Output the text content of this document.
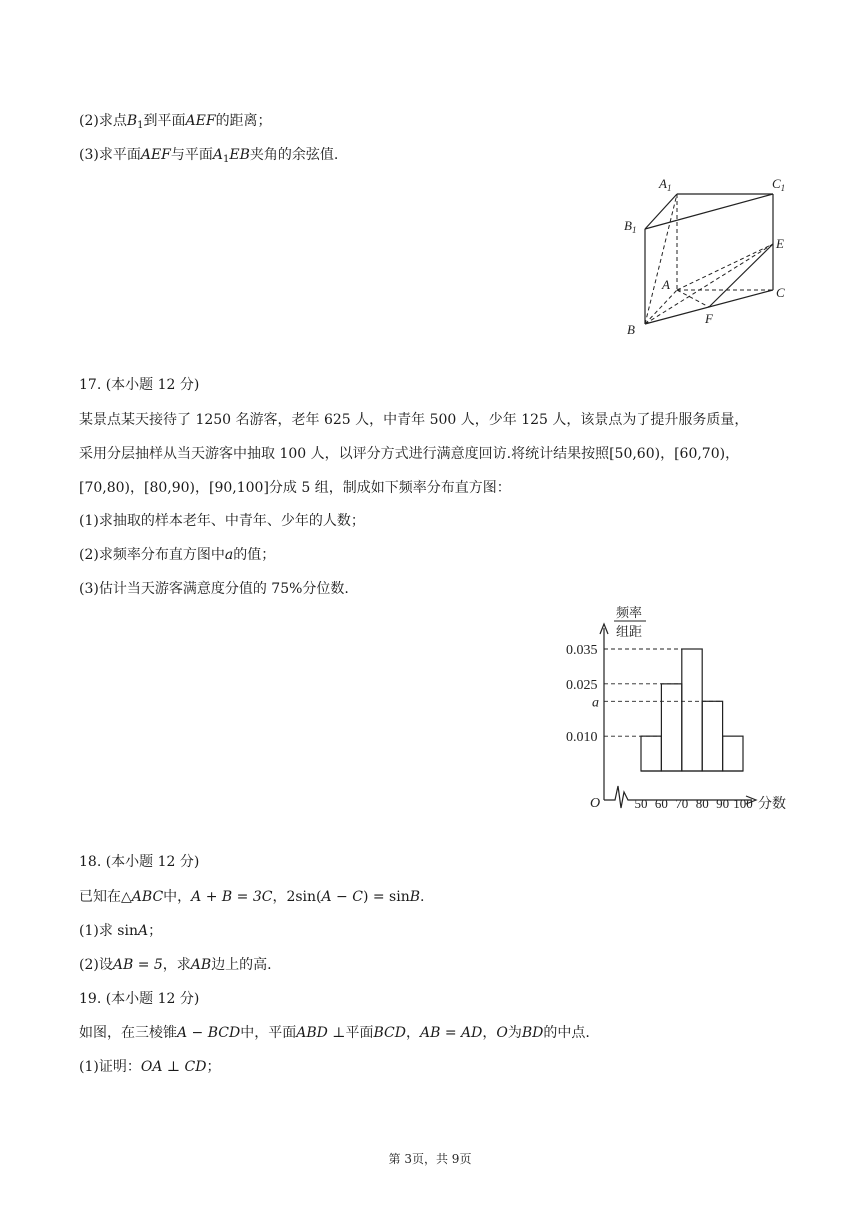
(2)求点$B_1$到平面AEF的距离；
(3)求平面AEF与平面$A_1EB$夹角的余弦值.
$A_1$	$C_1$
$B_1$
E
A
C
B
F
17. (本小题 12 分)
某景点某天接待了 1250 名游客，老年 625 人，中青年 500 人，少年 125 人，该景点为了提升服务质量，
采用分层抽样从当天游客中抽取 100 人，以评分方式进行满意度回访.将统计结果按照[50,60)，[60,70)，
[70,80)，[80,90)，[90,100]分成 5 组，制成如下频率分布直方图：
(1)求抽取的样本老年、中青年、少年的人数；
(2)求频率分布直方图中a的值；
(3)估计当天游客满意度分值的 75%分位数.
0.035
0.025
a
0.010
频率
组距
O	分数
50 60 70 80 90 100
18. (本小题 12 分)
已知在△ABC中，A + B = 3C，2sin(A − C) = sinB.
(1)求 sinA；
(2)设AB = 5，求AB边上的高.
19. (本小题 12 分)
如图，在三棱锥A − BCD中，平面ABD ⊥平面BCD，AB = AD，O为BD的中点.
(1)证明：OA ⊥ CD；
第 3页，共 9页
